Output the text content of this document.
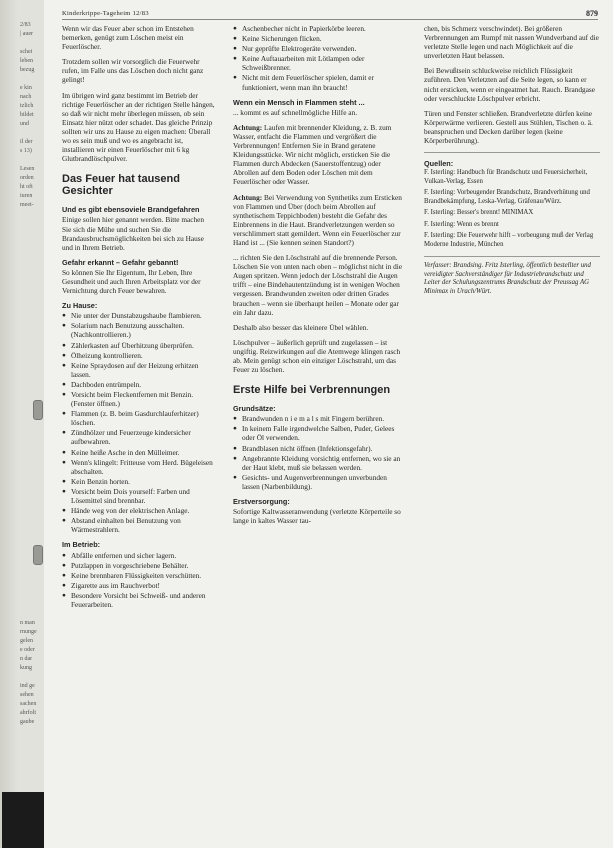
2/83
| auer
schei
leben
bezug
e kin
nach
tzlich
bildet
und
il der
s 13)
Lesen
orden
ht oft
iuren
meet-
n man
rnunge
gelen
e oder
n dar
kung
ind ge
sehen
sachen
ahrfolt
gaube
Kinderkrippe-Tageheim 12/83	879

Wenn wir das Feuer aber schon im Entstehen bemerken, genügt zum Löschen meist ein Feuerlöscher.

Trotzdem sollen wir vorsorglich die Feuerwehr rufen, im Falle uns das Löschen doch nicht ganz gelingt!

Im übrigen wird ganz bestimmt im Betrieb der richtige Feuerlöscher an der richtigen Stelle hängen, so daß wir nicht mehr überlegen müssen, ob sein Einsatz hier nützt oder schadet. Das gleiche Prinzip sollten wir uns zu Hause zu eigen machen: Überall wo es sein muß und wo es angebracht ist, installieren wir einen Feuerlöscher mit 6 kg Glutbrandlöschpulver.

Das Feuer hat tausend Gesichter
Und es gibt ebensoviele Brandgefahren

Einige sollen hier genannt werden. Bitte machen Sie sich die Mühe und suchen Sie die Brandausbruchsmöglichkeiten bei sich zu Hause und in Ihrem Betrieb.

Gefahr erkannt – Gefahr gebannt!

So können Sie Ihr Eigentum, Ihr Leben, Ihre Gesundheit und auch Ihren Arbeitsplatz vor der Vernichtung durch Feuer bewahren.

Zu Hause:
● Nie unter der Dunstabzugshaube flambieren.
● Solarium nach Benutzung ausschalten. (Nachkontrollieren.)
● Zählerkasten auf Überhitzung überprüfen.
● Ölheizung kontrollieren.
● Keine Spraydosen auf der Heizung erhitzen lassen.
● Dachboden entrümpeln.
● Vorsicht beim Fleckentfernen mit Benzin. (Fenster öffnen.)
● Flammen (z. B. beim Gasdurchlauferhitzer) löschen.
● Zündhölzer und Feuerzeuge kindersicher aufbewahren.
● Keine heiße Asche in den Mülleimer.
● Wenn's klingelt: Fritteuse vom Herd. Bügeleisen abschalten.
● Kein Benzin horten.
● Vorsicht beim Dois yourself: Farben und Lösemittel sind brennbar.
● Hände weg von der elektrischen Anlage.
● Abstand einhalten bei Benutzung von Wärmestrahlern.
Im Betrieb:
● Abfälle entfernen und sicher lagern.
● Putzlappen in vorgeschriebene Behälter.
● Keine brennbaren Flüssigkeiten verschütten.
● Zigarette aus im Rauchverbot!
● Besondere Vorsicht bei Schweiß- und anderen Feuerarbeiten.
● Aschenbecher nicht in Papierkörbe leeren.
● Keine Sicherungen flicken.
● Nur geprüfte Elektrogeräte verwenden.
● Keine Auftauarbeiten mit Lötlampen oder Schweißbrenner.
● Nicht mit dem Feuerlöscher spielen, damit er funktioniert, wenn man ihn braucht!
Wenn ein Mensch in Flammen steht ...

... kommt es auf schnellmögliche Hilfe an.

Achtung: Laufen mit brennender Kleidung, z. B. zum Wasser, entfacht die Flammen und vergrößert die Verbrennungen! Entfernen Sie in Brand geratene Kleidungsstücke. Wir nicht möglich, ersticken Sie die Flammen durch Abdecken (Sauerstoffentzug) oder Abrollen auf dem Boden oder Löschen mit dem Feuerlöscher oder Wasser.

Achtung: Bei Verwendung von Synthetiks zum Ersticken von Flammen und Über (doch beim Abrollen auf synthetischem Teppichboden) besteht die Gefahr des Einbrennens in die Haut. Brandverletzungen werden so verschlimmert statt gemildert. Wenn ein Feuerlöscher zur Hand ist ... (Sie kennen seinen Standort?)

... richten Sie den Löschstrahl auf die brennende Person. Löschen Sie von unten nach oben – möglichst nicht in die Augen spritzen. Wenn jedoch der Löschstrahl die Augen trifft – eine Bindehautentzündung ist in wenigen Wochen vergessen. Brandwunden zweiten oder dritten Grades brauchen – wenn sie überhaupt heilen – Monate oder gar ein Jahr dazu.

Deshalb also besser das kleinere Übel wählen.

Löschpulver – äußerlich geprüft und zugelassen – ist ungiftig. Reizwirkungen auf die Atemwege klingen rasch ab. Mein genügt schon ein einziger Löschstrahl, um das Feuer zu löschen.

Erste Hilfe bei Verbrennungen
Grundsätze:
● Brandwunden n i e m a l s mit Fingern berühren.
● In keinem Falle irgendwelche Salben, Puder, Gelees oder Öl verwenden.
● Brandblasen nicht öffnen (Infektionsgefahr).
● Angebrannte Kleidung vorsichtig entfernen, wo sie an der Haut klebt, muß sie belassen werden.
● Gesichts- und Augenverbrennungen unverbunden lassen (Narbenbildung).
Erstversorgung:

Sofortige Kaltwasseranwendung (verletzte Körperteile so lange in kaltes Wasser tau-

chen, bis Schmerz verschwindet). Bei größeren Verbrennungen am Rumpf mit nassen Wundverband auf die verletzte Stelle legen und nach Möglichkeit auf die unverletzten Haut belassen.

Bei Bewußtsein schluckweise reichlich Flüssigkeit zuführen. Den Verletzten auf die Seite legen, so kann er nicht ersticken, wenn er eingeatmet hat. Rauch. Brandgase oder verschluckte Löschpulver erbricht.

Türen und Fenster schließen. Brandverletzte dürfen keine Körperwärme verlieren. Gestell aus Stühlen, Tischen o. ä. beanspruchen und Decken darüber legen (keine Körperberührung).

Quellen:
F. Isterling: Handbuch für Brandschutz und Feuersicherheit, Vulkan-Verlag, Essen
F. Isterling: Vorbeugender Brandschutz, Brandverhütung und Brandbekämpfung, Leska-Verlag, Gräfenau/Würz.
F. Isterling: Besser's brennt! MINIMAX
F. Isterling: Wenn es brennt
F. Isterling: Die Feuerwehr hilft – vorbeugung muß der Verlag Moderne Industrie, München

Verfasser: Brandsing. Fritz Isterling, öffentlich bestellter und vereidigter Sachverständiger für Industriebrandschutz und Leiter der Schulungszentrums Brandschutz der Preussag AG Minimax in Urach/Würt.
